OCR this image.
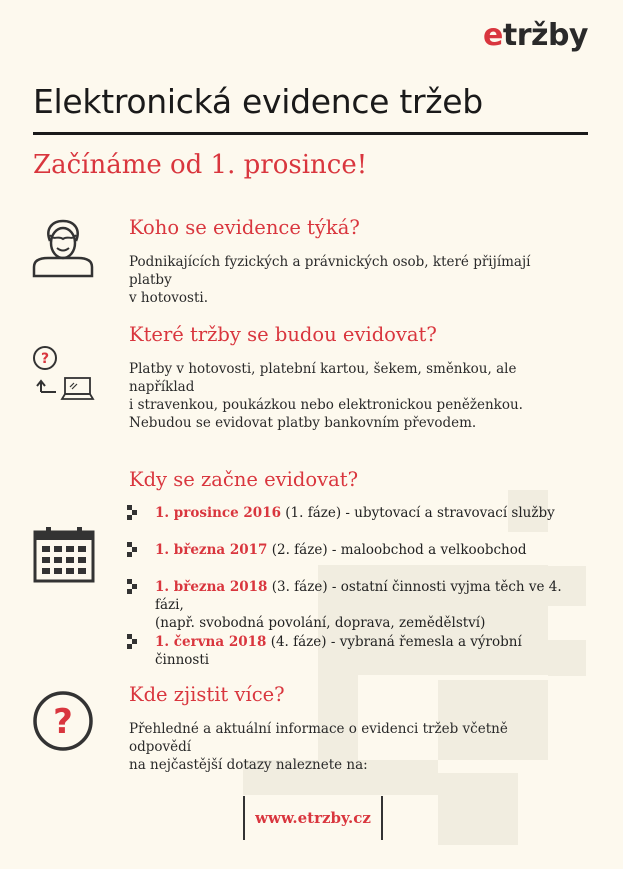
etržby
Elektronická evidence tržeb
Začínáme od 1. prosince!
Koho se evidence týká?

Podnikajících fyzických a právnických osob, které přijímají platby
v hotovosti.

?
Které tržby se budou evidovat?

Platby v hotovosti, platební kartou, šekem, směnkou, ale například
i stravenkou, poukázkou nebo elektronickou peněženkou.
Nebudou se evidovat platby bankovním převodem.

Kdy se začne evidovat?
1. prosince 2016 (1. fáze) - ubytovací a stravovací služby
1. března 2017 (2. fáze) - maloobchod a velkoobchod
1. března 2018 (3. fáze) - ostatní činnosti vyjma těch ve 4. fázi,
(např. svobodná povolání, doprava, zemědělství)
1. června 2018 (4. fáze) - vybraná řemesla a výrobní činnosti
?
Kde zjistit více?

Přehledné a aktuální informace o evidenci tržeb včetně odpovědí
na nejčastější dotazy naleznete na:

www.etrzby.cz
